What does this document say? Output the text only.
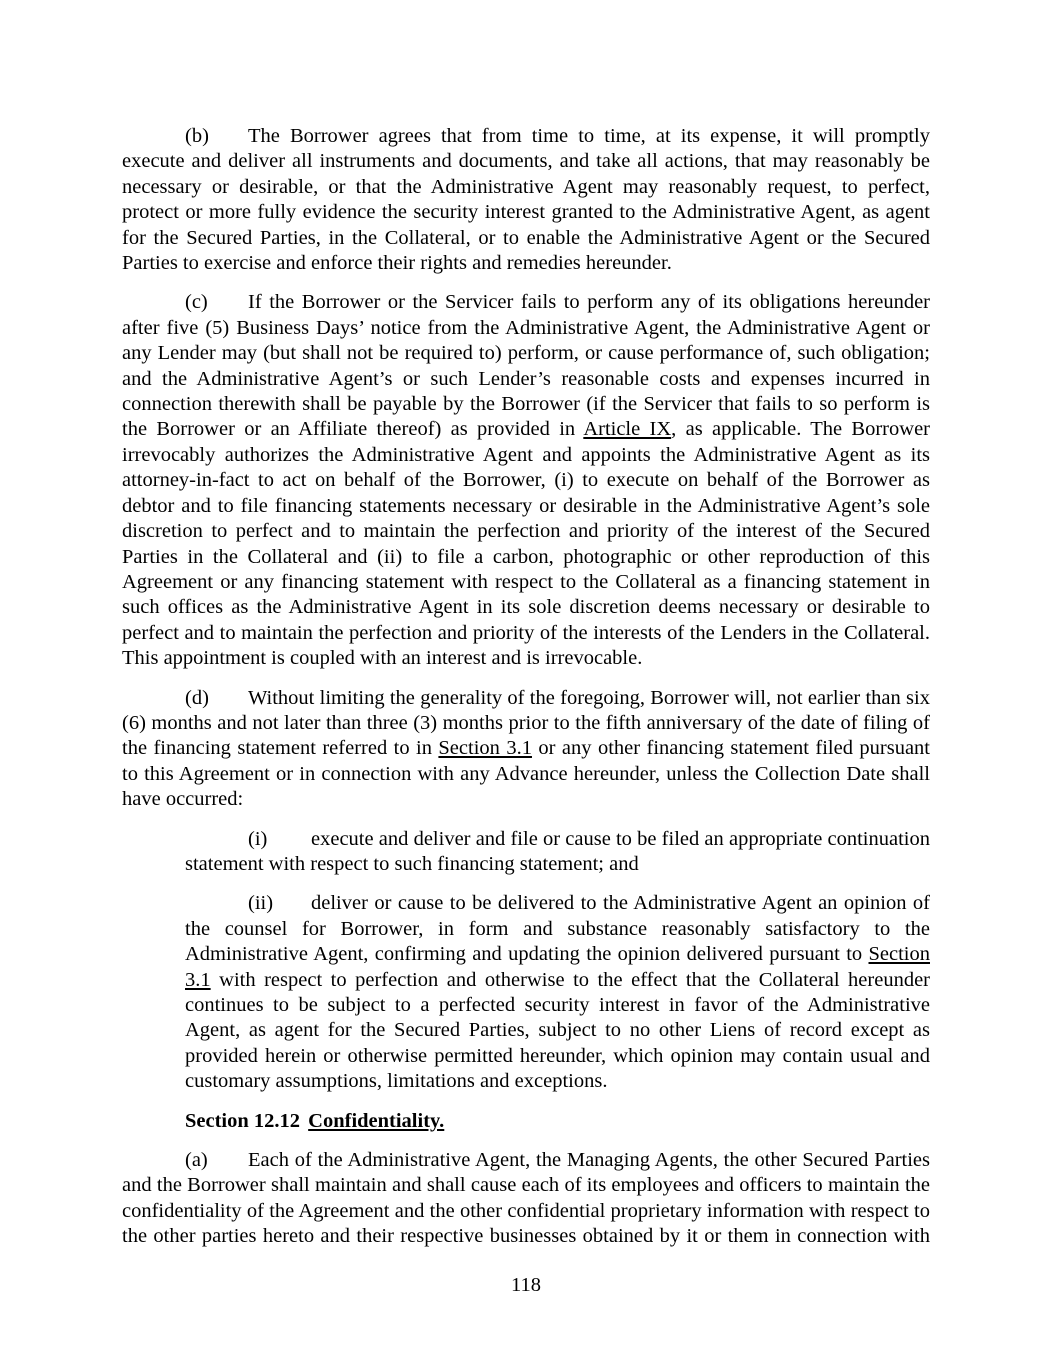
(b) The Borrower agrees that from time to time, at its expense, it will promptly execute and deliver all instruments and documents, and take all actions, that may reasonably be necessary or desirable, or that the Administrative Agent may reasonably request, to perfect, protect or more fully evidence the security interest granted to the Administrative Agent, as agent for the Secured Parties, in the Collateral, or to enable the Administrative Agent or the Secured Parties to exercise and enforce their rights and remedies hereunder.

(c) If the Borrower or the Servicer fails to perform any of its obligations hereunder after five (5) Business Days’ notice from the Administrative Agent, the Administrative Agent or any Lender may (but shall not be required to) perform, or cause performance of, such obligation; and the Administrative Agent’s or such Lender’s reasonable costs and expenses incurred in connection therewith shall be payable by the Borrower (if the Servicer that fails to so perform is the Borrower or an Affiliate thereof) as provided in Article IX, as applicable. The Borrower irrevocably authorizes the Administrative Agent and appoints the Administrative Agent as its attorney-in-fact to act on behalf of the Borrower, (i) to execute on behalf of the Borrower as debtor and to file financing statements necessary or desirable in the Administrative Agent’s sole discretion to perfect and to maintain the perfection and priority of the interest of the Secured Parties in the Collateral and (ii) to file a carbon, photographic or other reproduction of this Agreement or any financing statement with respect to the Collateral as a financing statement in such offices as the Administrative Agent in its sole discretion deems necessary or desirable to perfect and to maintain the perfection and priority of the interests of the Lenders in the Collateral. This appointment is coupled with an interest and is irrevocable.

(d) Without limiting the generality of the foregoing, Borrower will, not earlier than six (6) months and not later than three (3) months prior to the fifth anniversary of the date of filing of the financing statement referred to in Section 3.1 or any other financing statement filed pursuant to this Agreement or in connection with any Advance hereunder, unless the Collection Date shall have occurred:

(i) execute and deliver and file or cause to be filed an appropriate continuation statement with respect to such financing statement; and

(ii) deliver or cause to be delivered to the Administrative Agent an opinion of the counsel for Borrower, in form and substance reasonably satisfactory to the Administrative Agent, confirming and updating the opinion delivered pursuant to Section 3.1 with respect to perfection and otherwise to the effect that the Collateral hereunder continues to be subject to a perfected security interest in favor of the Administrative Agent, as agent for the Secured Parties, subject to no other Liens of record except as provided herein or otherwise permitted hereunder, which opinion may contain usual and customary assumptions, limitations and exceptions.

Section 12.12 Confidentiality.

(a) Each of the Administrative Agent, the Managing Agents, the other Secured Parties and the Borrower shall maintain and shall cause each of its employees and officers to maintain the confidentiality of the Agreement and the other confidential proprietary information with respect to the other parties hereto and their respective businesses obtained by it or them in connection with

118
